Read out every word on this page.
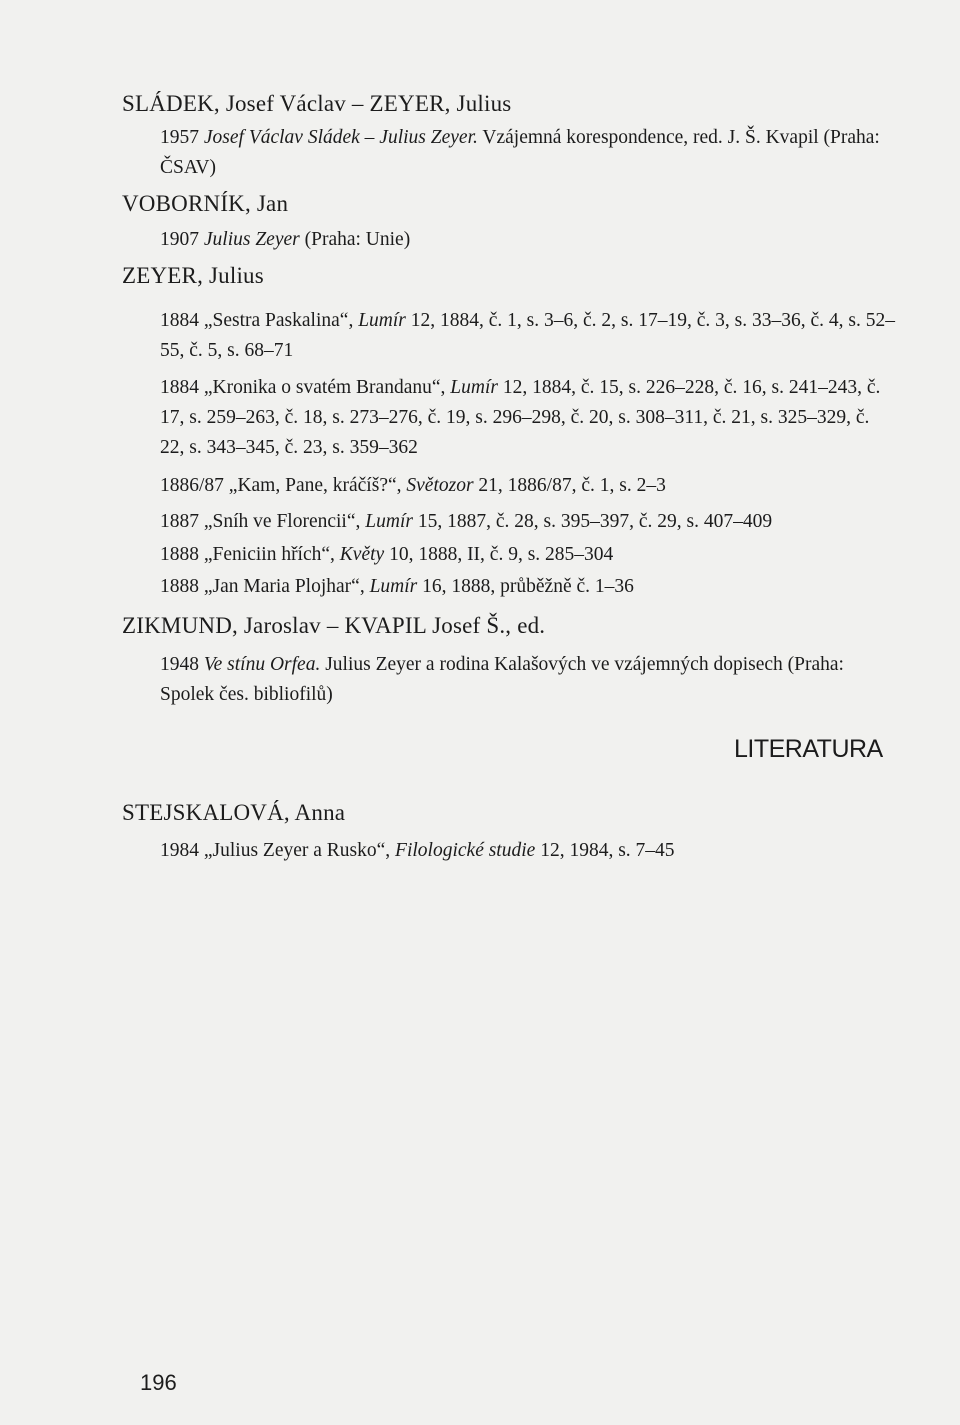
SLÁDEK, Josef Václav – ZEYER, Julius
1957 Josef Václav Sládek – Julius Zeyer. Vzájemná korespondence, red. J. Š. Kvapil (Praha: ČSAV)
VOBORNÍK, Jan
1907 Julius Zeyer (Praha: Unie)
ZEYER, Julius
1884 „Sestra Paskalina“, Lumír 12, 1884, č. 1, s. 3–6, č. 2, s. 17–19, č. 3, s. 33–36, č. 4, s. 52–55, č. 5, s. 68–71
1884 „Kronika o svatém Brandanu“, Lumír 12, 1884, č. 15, s. 226–228, č. 16, s. 241–243, č. 17, s. 259–263, č. 18, s. 273–276, č. 19, s. 296–298, č. 20, s. 308–311, č. 21, s. 325–329, č. 22, s. 343–345, č. 23, s. 359–362
1886/87 „Kam, Pane, kráčíš?“, Světozor 21, 1886/87, č. 1, s. 2–3
1887 „Sníh ve Florencii“, Lumír 15, 1887, č. 28, s. 395–397, č. 29, s. 407–409
1888 „Feniciin hřích“, Květy 10, 1888, II, č. 9, s. 285–304
1888 „Jan Maria Plojhar“, Lumír 16, 1888, průběžně č. 1–36
ZIKMUND, Jaroslav – KVAPIL Josef Š., ed.
1948 Ve stínu Orfea. Julius Zeyer a rodina Kalašových ve vzájemných dopisech (Praha: Spolek čes. bibliofilů)
LITERATURA
STEJSKALOVÁ, Anna
1984 „Julius Zeyer a Rusko“, Filologické studie 12, 1984, s. 7–45
196
